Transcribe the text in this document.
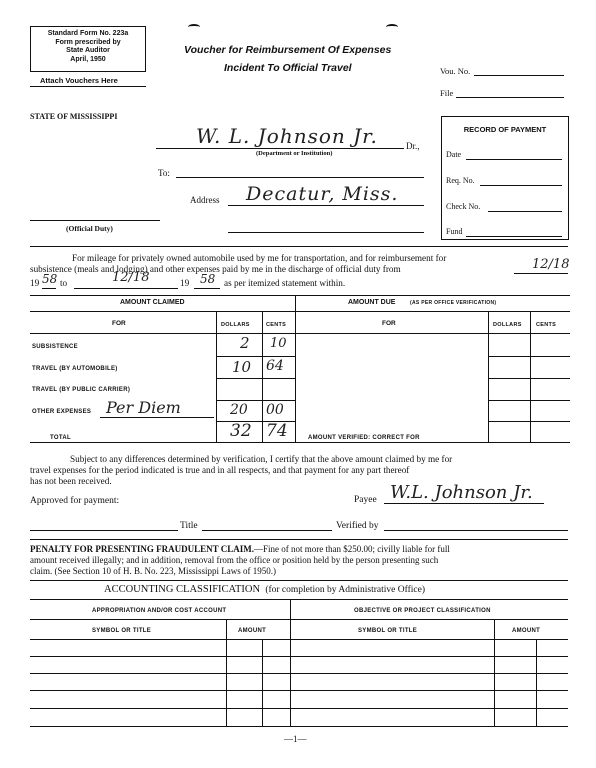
Standard Form No. 223a
Form prescribed by
State Auditor
April, 1950
Attach Vouchers Here
Voucher for Reimbursement Of Expenses
Incident To Official Travel	Vou. No.
File
STATE OF MISSISSIPPI
W. L. Johnson Jr.	Dr.,
(Department or Institution)
To:
Address Decatur, Miss.
(Official Duty)
RECORD OF PAYMENT
Date
Req. No.
Check No.
Fund
For mileage for privately owned automobile used by me for transportation, and for reimbursement for
subsistence (meals and lodging) and other expenses paid by me in the discharge of official duty from	12/18
19 58 to	12/18	19 58 as per itemized statement within.
AMOUNT CLAIMED	AMOUNT DUE	(AS PER OFFICE VERIFICATION)
FOR	DOLLARS	CENTS	FOR	DOLLARS	CENTS
SUBSISTENCE	2 10
TRAVEL (BY AUTOMOBILE)	10 64
TRAVEL (BY PUBLIC CARRIER)
OTHER EXPENSES Per Diem	20 00
TOTAL	32 74	AMOUNT VERIFIED: CORRECT FOR
Subject to any differences determined by verification, I certify that the above amount claimed by me for
travel expenses for the period indicated is true and in all respects, and that payment for any part thereof
has not been received.
Approved for payment:	Payee W.L. Johnson Jr.
Title	Verified by
PENALTY FOR PRESENTING FRAUDULENT CLAIM.—Fine of not more than $250.00; civilly liable for full
amount received illegally; and in addition, removal from the office or position held by the person presenting such
claim. (See Section 10 of H. B. No. 223, Mississippi Laws of 1950.)
ACCOUNTING CLASSIFICATION (for completion by Administrative Office)
APPROPRIATION AND/OR COST ACCOUNT	OBJECTIVE OR PROJECT CLASSIFICATION
SYMBOL OR TITLE	AMOUNT	SYMBOL OR TITLE	AMOUNT
—1—
